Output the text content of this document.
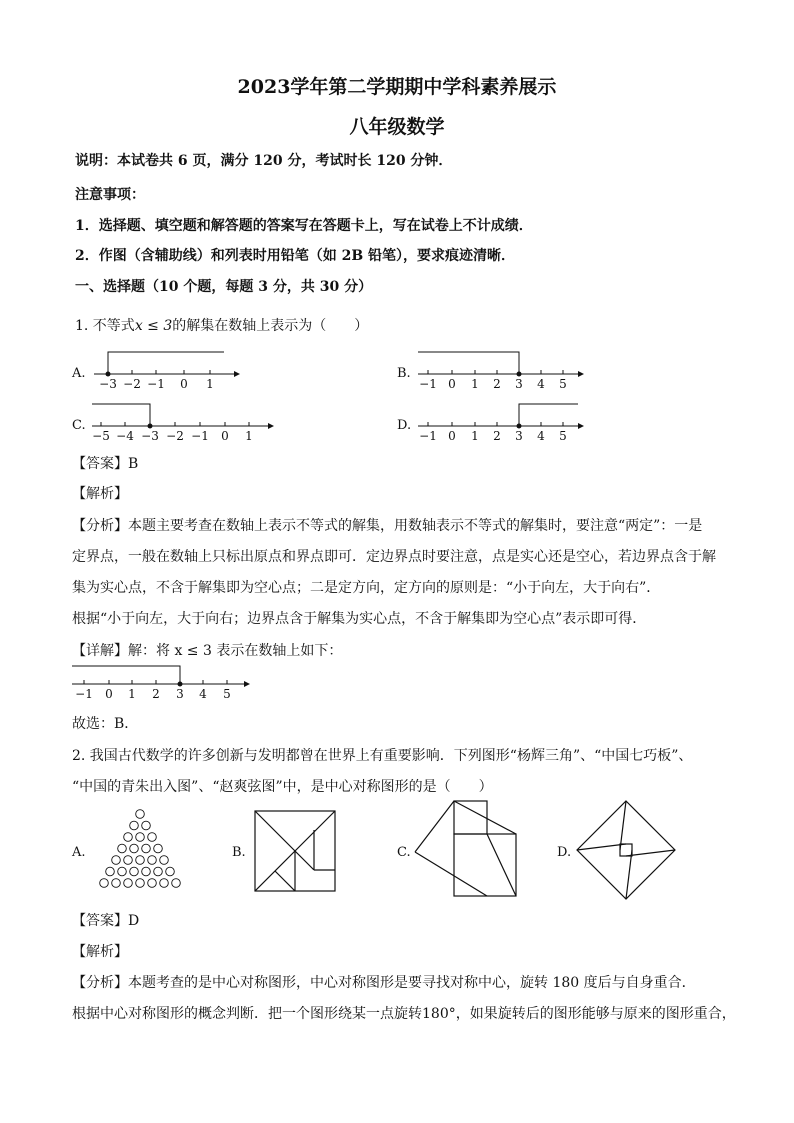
2023学年第二学期期中学科素养展示
八年级数学
说明：本试卷共 6 页，满分 120 分，考试时长 120 分钟．
注意事项：
1．选择题、填空题和解答题的答案写在答题卡上，写在试卷上不计成绩．
2．作图（含辅助线）和列表时用铅笔（如 2B 铅笔），要求痕迹清晰．
一、选择题（10 个题，每题 3 分，共 30 分）
1. 不等式x ≤ 3的解集在数轴上表示为（　　）
A.
−3 −2 −1 0 1
B.
−1 0 1 2 3 4 5
C.
−5 −4 −3 −2 −1 0 1
D.
−1 0 1 2 3 4 5
【答案】B
【解析】
【分析】本题主要考查在数轴上表示不等式的解集，用数轴表示不等式的解集时，要注意“两定”：一是
定界点，一般在数轴上只标出原点和界点即可．定边界点时要注意，点是实心还是空心，若边界点含于解
集为实心点，不含于解集即为空心点；二是定方向，定方向的原则是：“小于向左，大于向右”．
根据“小于向左，大于向右；边界点含于解集为实心点，不含于解集即为空心点”表示即可得．
【详解】解：将 x ≤ 3 表示在数轴上如下：
−1 0 1 2 3 4 5
故选：B．
2. 我国古代数学的许多创新与发明都曾在世界上有重要影响．下列图形“杨辉三角”、“中国七巧板”、
“中国的青朱出入图”、“赵爽弦图”中，是中心对称图形的是（　　）
A.	B.	C.	D.
【答案】D
【解析】
【分析】本题考查的是中心对称图形，中心对称图形是要寻找对称中心，旋转 180 度后与自身重合．
根据中心对称图形的概念判断．把一个图形绕某一点旋转180°，如果旋转后的图形能够与原来的图形重合，
